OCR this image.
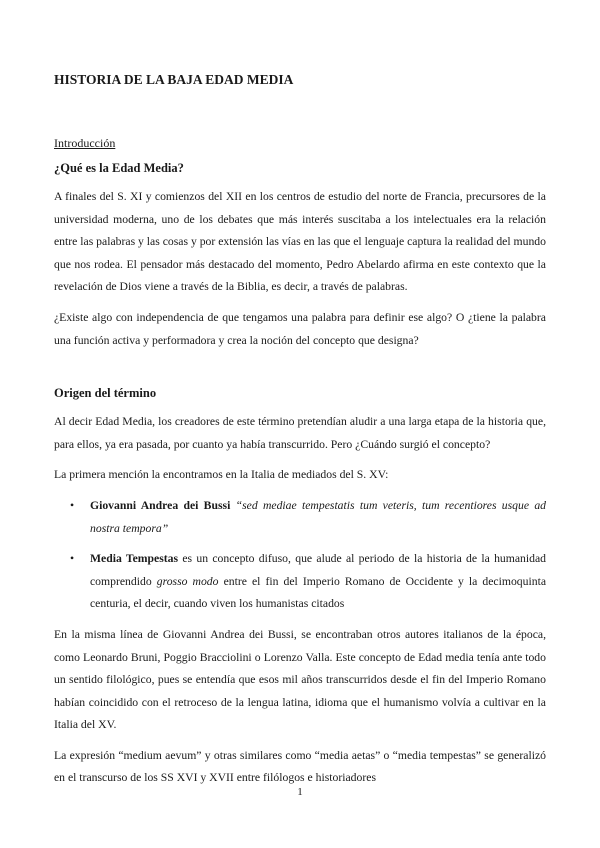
HISTORIA DE LA BAJA EDAD MEDIA
Introducción
¿Qué es la Edad Media?

A finales del S. XI y comienzos del XII en los centros de estudio del norte de Francia, precursores de la universidad moderna, uno de los debates que más interés suscitaba a los intelectuales era la relación entre las palabras y las cosas y por extensión las vías en las que el lenguaje captura la realidad del mundo que nos rodea. El pensador más destacado del momento, Pedro Abelardo afirma en este contexto que la revelación de Dios viene a través de la Biblia, es decir, a través de palabras.

¿Existe algo con independencia de que tengamos una palabra para definir ese algo? O ¿tiene la palabra una función activa y performadora y crea la noción del concepto que designa?

Origen del término

Al decir Edad Media, los creadores de este término pretendían aludir a una larga etapa de la historia que, para ellos, ya era pasada, por cuanto ya había transcurrido. Pero ¿Cuándo surgió el concepto?

La primera mención la encontramos en la Italia de mediados del S. XV:

• Giovanni Andrea dei Bussi “sed mediae tempestatis tum veteris, tum recentiores usque ad nostra tempora”
• Media Tempestas es un concepto difuso, que alude al periodo de la historia de la humanidad comprendido grosso modo entre el fin del Imperio Romano de Occidente y la decimoquinta centuria, el decir, cuando viven los humanistas citados

En la misma línea de Giovanni Andrea dei Bussi, se encontraban otros autores italianos de la época, como Leonardo Bruni, Poggio Bracciolini o Lorenzo Valla. Este concepto de Edad media tenía ante todo un sentido filológico, pues se entendía que esos mil años transcurridos desde el fin del Imperio Romano habían coincidido con el retroceso de la lengua latina, idioma que el humanismo volvía a cultivar en la Italia del XV.

La expresión “medium aevum” y otras similares como “media aetas” o “media tempestas” se generalizó en el transcurso de los SS XVI y XVII entre filólogos e historiadores

1
